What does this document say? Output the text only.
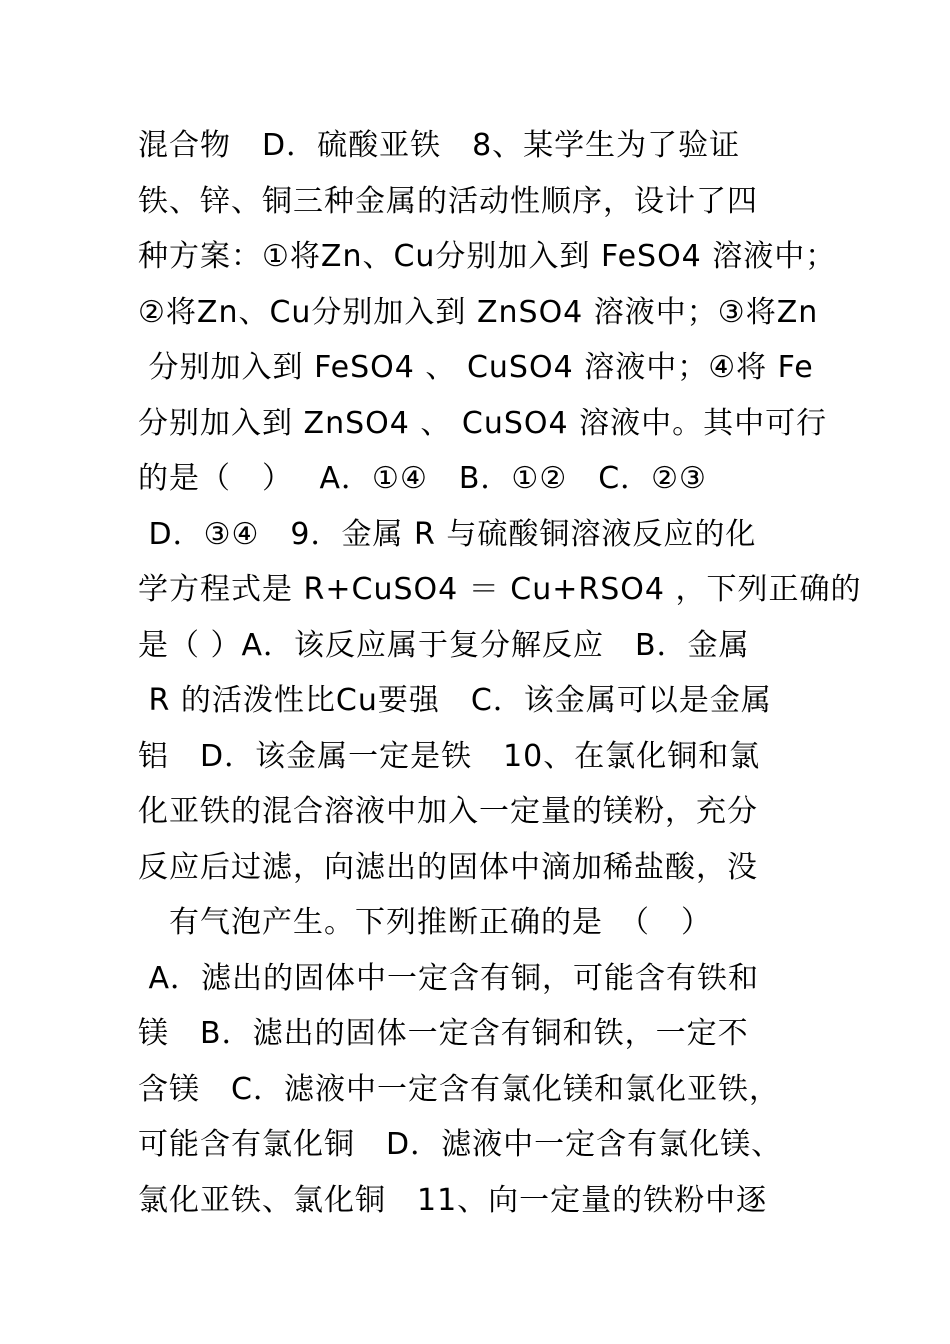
混合物　D．硫酸亚铁　8、某学生为了验证
铁、锌、铜三种金属的活动性顺序，设计了四
种方案：①将Zn、Cu分别加入到 FeSO4 溶液中；
②将Zn、Cu分别加入到 ZnSO4 溶液中；③将Zn
分别加入到 FeSO4 、 CuSO4 溶液中；④将 Fe
分别加入到 ZnSO4 、 CuSO4 溶液中。其中可行
的是（　）　 A．①④　B．①②　C．②③
D．③④　9．金属 R 与硫酸铜溶液反应的化
学方程式是 R+CuSO4 ＝ Cu+RSO4 ，下列正确的
是（ ）A．该反应属于复分解反应　B．金属
R 的活泼性比Cu要强　C．该金属可以是金属
铝　D．该金属一定是铁　10、在氯化铜和氯
化亚铁的混合溶液中加入一定量的镁粉，充分
反应后过滤，向滤出的固体中滴加稀盐酸，没
　有气泡产生。下列推断正确的是　（　）
A．滤出的固体中一定含有铜，可能含有铁和
镁　B．滤出的固体一定含有铜和铁，一定不
含镁　C．滤液中一定含有氯化镁和氯化亚铁，
可能含有氯化铜　D．滤液中一定含有氯化镁、
氯化亚铁、氯化铜　11、向一定量的铁粉中逐
